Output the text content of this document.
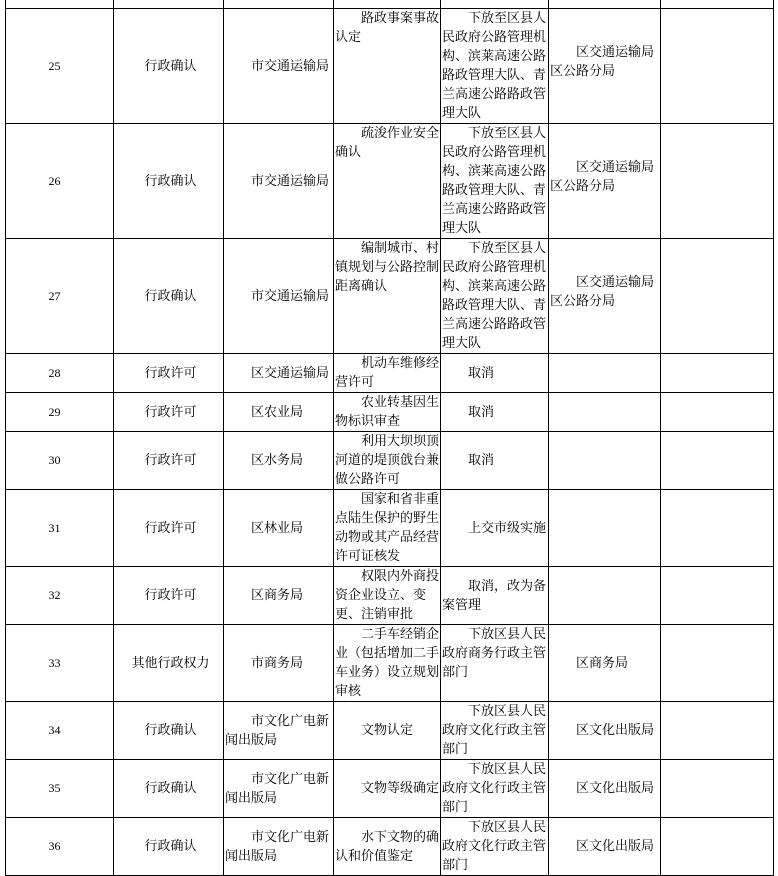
25	行政确认	市交通运输局	路政事案事故认定	下放至区县人民政府公路管理机构、滨莱高速公路路政管理大队、青兰高速公路路政管理大队	区交通运输局区公路分局	
26	行政确认	市交通运输局	疏浚作业安全确认	下放至区县人民政府公路管理机构、滨莱高速公路路政管理大队、青兰高速公路路政管理大队	区交通运输局区公路分局	
27	行政确认	市交通运输局	编制城市、村镇规划与公路控制距离确认	下放至区县人民政府公路管理机构、滨莱高速公路路政管理大队、青兰高速公路路政管理大队	区交通运输局区公路分局	
28	行政许可	区交通运输局	机动车维修经营许可	取消		
29	行政许可	区农业局	农业转基因生物标识审查	取消		
30	行政许可	区水务局	利用大坝坝顶河道的堤顶戗台兼做公路许可	取消		
31	行政许可	区林业局	国家和省非重点陆生保护的野生动物或其产品经营许可证核发	上交市级实施		
32	行政许可	区商务局	权限内外商投资企业设立、变更、注销审批	取消，改为备案管理		
33	其他行政权力	市商务局	二手车经销企业（包括增加二手车业务）设立规划审核	下放区县人民政府商务行政主管部门	区商务局	
34	行政确认	市文化广电新闻出版局	文物认定	下放区县人民政府文化行政主管部门	区文化出版局	
35	行政确认	市文化广电新闻出版局	文物等级确定	下放区县人民政府文化行政主管部门	区文化出版局	
36	行政确认	市文化广电新闻出版局	水下文物的确认和价值鉴定	下放区县人民政府文化行政主管部门	区文化出版局	
